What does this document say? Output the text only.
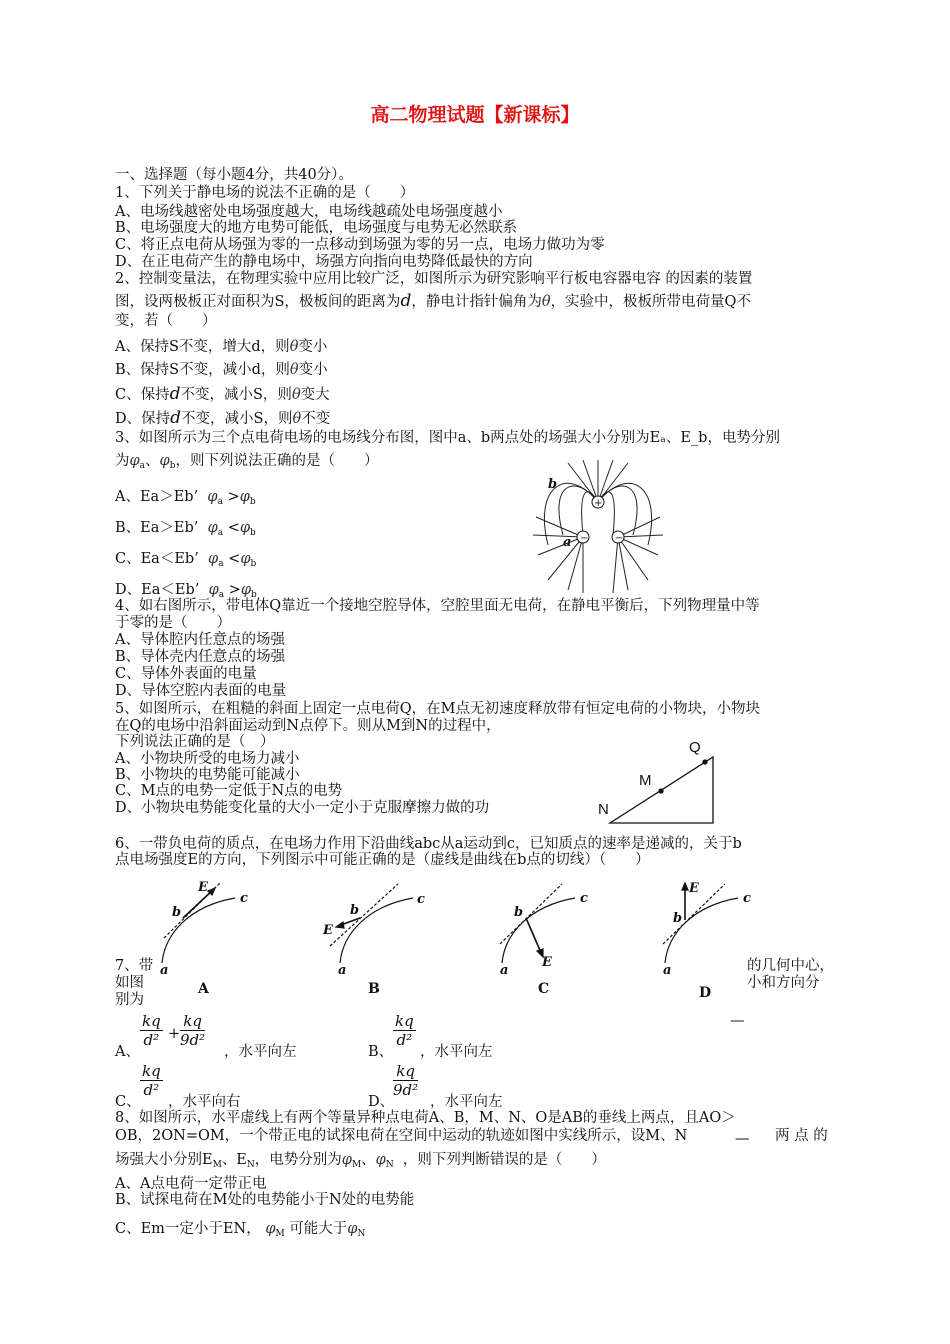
高二物理试题【新课标】
一、选择题（每小题4分，共40分）。
1、下列关于静电场的说法不正确的是（　　）
A、电场线越密处电场强度越大，电场线越疏处电场强度越小
B、电场强度大的地方电势可能低，电场强度与电势无必然联系
C、将正点电荷从场强为零的一点移动到场强为零的另一点，电场力做功为零
D、在正电荷产生的静电场中，场强方向指向电势降低最快的方向
2、控制变量法，在物理实验中应用比较广泛，如图所示为研究影响平行板电容器电容 的因素的装置
图，设两极板正对面积为S，极板间的距离为d，静电计指针偏角为θ，实验中，极板所带电荷量Q不
变，若（　　）
A、保持S不变，增大d，则θ变小
B、保持S不变，减小d，则θ变小
C、保持d不变，减小S，则θ变大
D、保持d不变，减小S，则θ不变
3、如图所示为三个点电荷电场的电场线分布图，图中a、b两点处的场强大小分别为Eₐ、E_b，电势分别
为$\varphi_a$、$\varphi_b$，则下列说法正确的是（　　）
A、Ea＞Eb’ $\varphi_a >\varphi_b$
B、Ea＞Eb’ $\varphi_a <\varphi_b$
C、Ea＜Eb’ $\varphi_a <\varphi_b$
D、Ea＜Eb’ $\varphi_a >\varphi_b$
+
−	−
b
a
4、如右图所示，带电体Q靠近一个接地空腔导体，空腔里面无电荷，在静电平衡后，下列物理量中等
于零的是（　　）
A、导体腔内任意点的场强
B、导体壳内任意点的场强
C、导体外表面的电量
D、导体空腔内表面的电量
5、如图所示，在粗糙的斜面上固定一点电荷Q，在M点无初速度释放带有恒定电荷的小物块，小物块
在Q的电场中沿斜面运动到N点停下。则从M到N的过程中，
下列说法正确的是（　）
A、小物块所受的电场力减小
B、小物块的电势能可能减小
C、M点的电势一定低于N点的电势
D、小物块电势能变化量的大小一定小于克服摩擦力做的功
Q
M
N
6、一带负电荷的质点，在电场力作用下沿曲线abc从a运动到c，已知质点的速率是递减的，关于b
点电场强度E的方向，下列图示中可能正确的是（虚线是曲线在b点的切线）（　　）
a
b
c
E
A
a
b
c
E
B
a
b
c
E
C
a
b
c
E
D
7、带	的几何中心，
如图	小和方向分
别为
—
A、
$\frac{kq}{\text{d²}} + \frac{kq}{\text{9d²}}$
，水平向左	B、
$\frac{kq}{\text{d²}}$
，水平向左
C、
$\frac{kq}{\text{d²}}$
，水平向右	D、
$\frac{kq}{\text{9d²}}$
，水平向左
8、如图所示，水平虚线上有两个等量异种点电荷A、B，M、N、O是AB的垂线上两点，且AO＞
OB，2ON=OM，一个带正电的试探电荷在空间中运动的轨迹如图中实线所示，设M、N	— 两 点 的
场强大小分别$E_M$、$E_N$，电势分别为$\varphi_M$、$\varphi_N$ ，则下列判断错误的是（　　）
A、A点电荷一定带正电
B、试探电荷在M处的电势能小于N处的电势能
C、Em一定小于EN， $\varphi_M$ 可能大于$\varphi_N$
